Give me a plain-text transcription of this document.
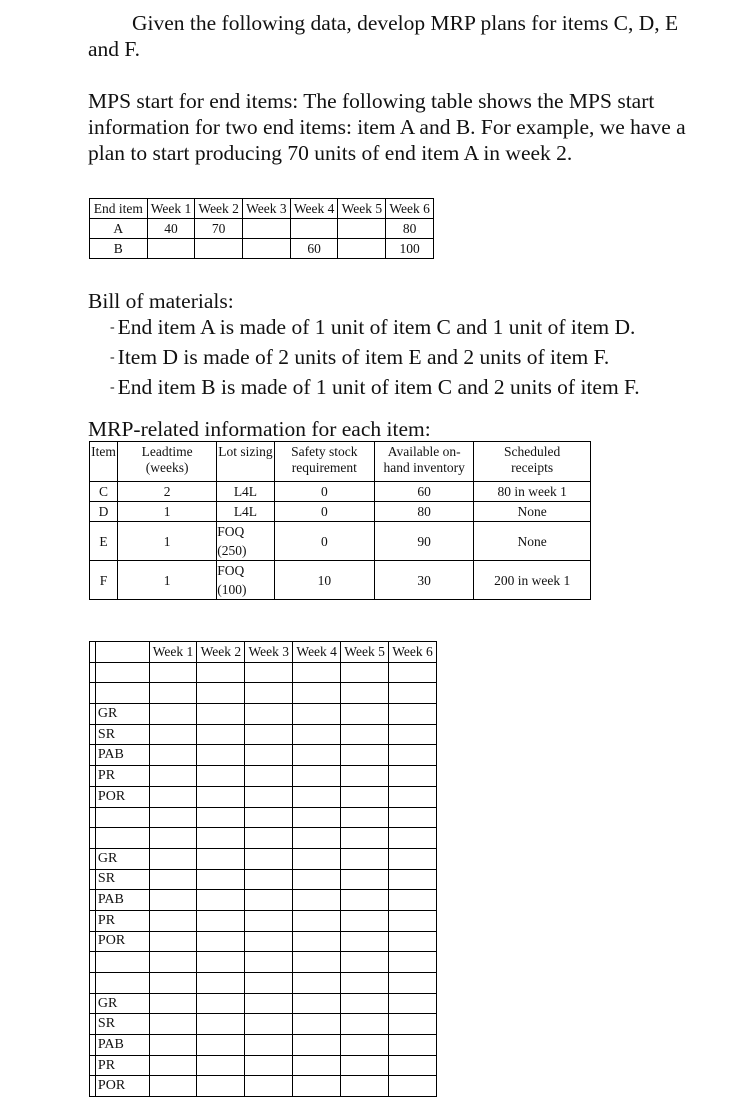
Given the following data, develop MRP plans for items C, D, E and F.

MPS start for end items: The following table shows the MPS start information for two end items: item A and B. For example, we have a plan to start producing 70 units of end item A in week 2.

End item	Week 1	Week 2	Week 3	Week 4	Week 5	Week 6
A	40	70				80
B				60		100

Bill of materials:

- End item A is made of 1 unit of item C and 1 unit of item D.
- Item D is made of 2 units of item E and 2 units of item F.
- End item B is made of 1 unit of item C and 2 units of item F.

MRP-related information for each item:

Item	Leadtime (weeks)	Lot sizing	Safety stock requirement	Available on-hand inventory	Scheduled receipts
C	2	L4L	0	60	80 in week 1
D	1	L4L	0	80	None
E	1	FOQ (250)	0	90	None
F	1	FOQ (100)	10	30	200 in week 1
		Week 1	Week 2	Week 3	Week 4	Week 5	Week 6

	GR						
	SR						
	PAB						
	PR						
	POR						

	GR						
	SR						
	PAB						
	PR						
	POR						

	GR						
	SR						
	PAB						
	PR						
	POR						
